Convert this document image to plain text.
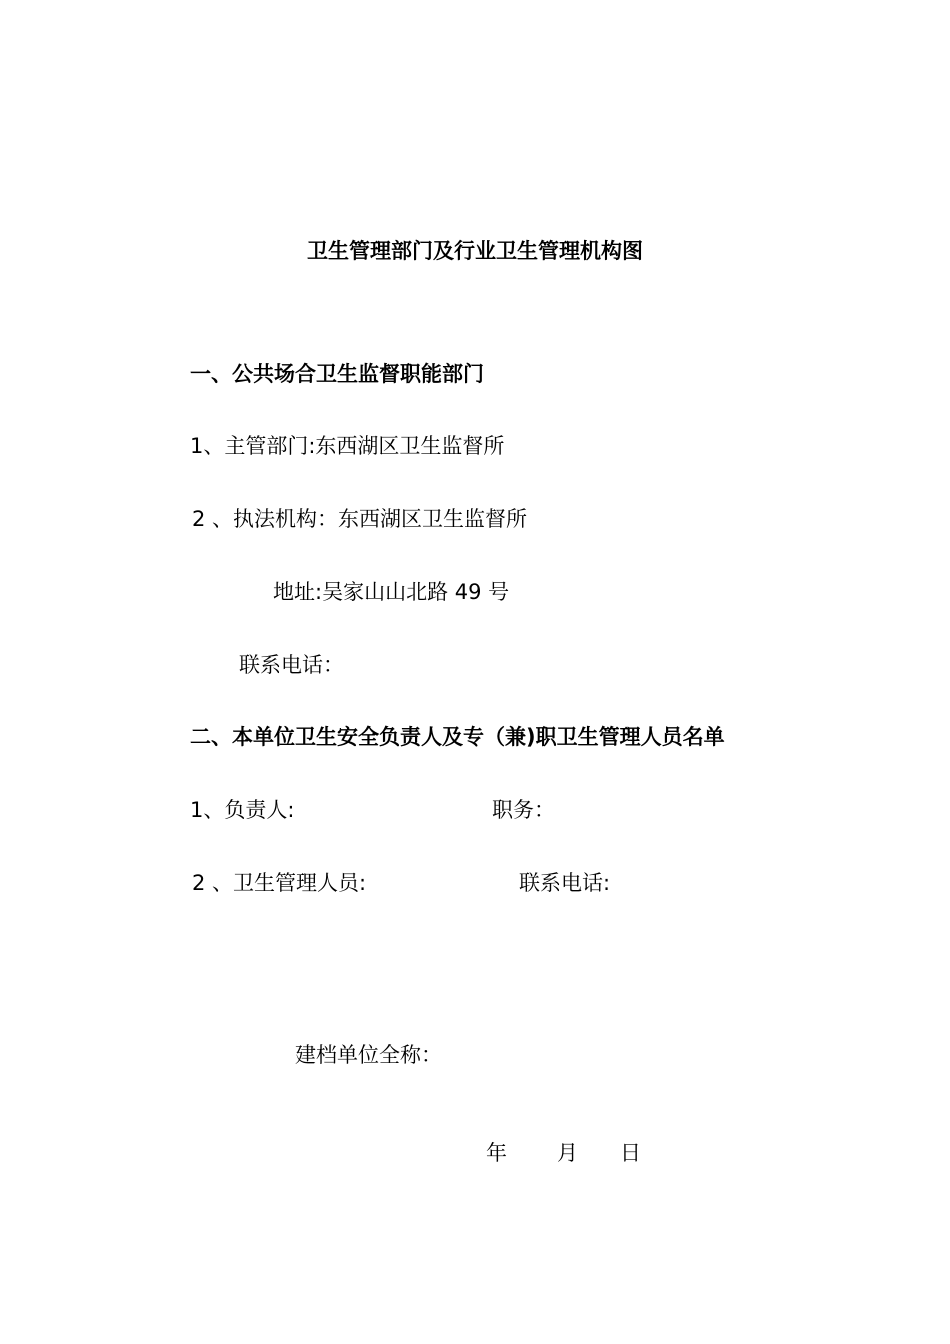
卫生管理部门及行业卫生管理机构图
一、公共场合卫生监督职能部门
1、主管部门:东西湖区卫生监督所
2 、执法机构：东西湖区卫生监督所
地址:吴家山山北路 49 号
联系电话：
二、本单位卫生安全负责人及专（兼)职卫生管理人员名单
1、负责人:	职务：
2 、卫生管理人员:	联系电话:
建档单位全称：
年 月 日
